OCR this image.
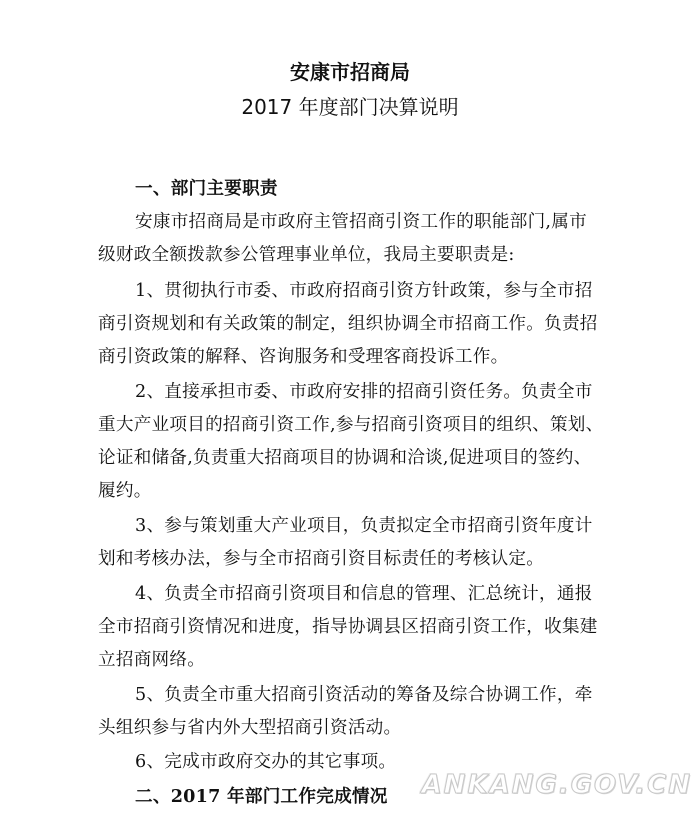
安康市招商局
2017 年度部门决算说明
一、部门主要职责
安康市招商局是市政府主管招商引资工作的职能部门,属市
级财政全额拨款参公管理事业单位，我局主要职责是:
1、贯彻执行市委、市政府招商引资方针政策，参与全市招
商引资规划和有关政策的制定，组织协调全市招商工作。负责招
商引资政策的解释、咨询服务和受理客商投诉工作。
2、直接承担市委、市政府安排的招商引资任务。负责全市
重大产业项目的招商引资工作,参与招商引资项目的组织、策划、
论证和储备,负责重大招商项目的协调和洽谈,促进项目的签约、
履约。
3、参与策划重大产业项目，负责拟定全市招商引资年度计
划和考核办法，参与全市招商引资目标责任的考核认定。
4、负责全市招商引资项目和信息的管理、汇总统计，通报
全市招商引资情况和进度，指导协调县区招商引资工作，收集建
立招商网络。
5、负责全市重大招商引资活动的筹备及综合协调工作，牵
头组织参与省内外大型招商引资活动。
6、完成市政府交办的其它事项。
二、2017 年部门工作完成情况	ANKANG.GOV.CN
